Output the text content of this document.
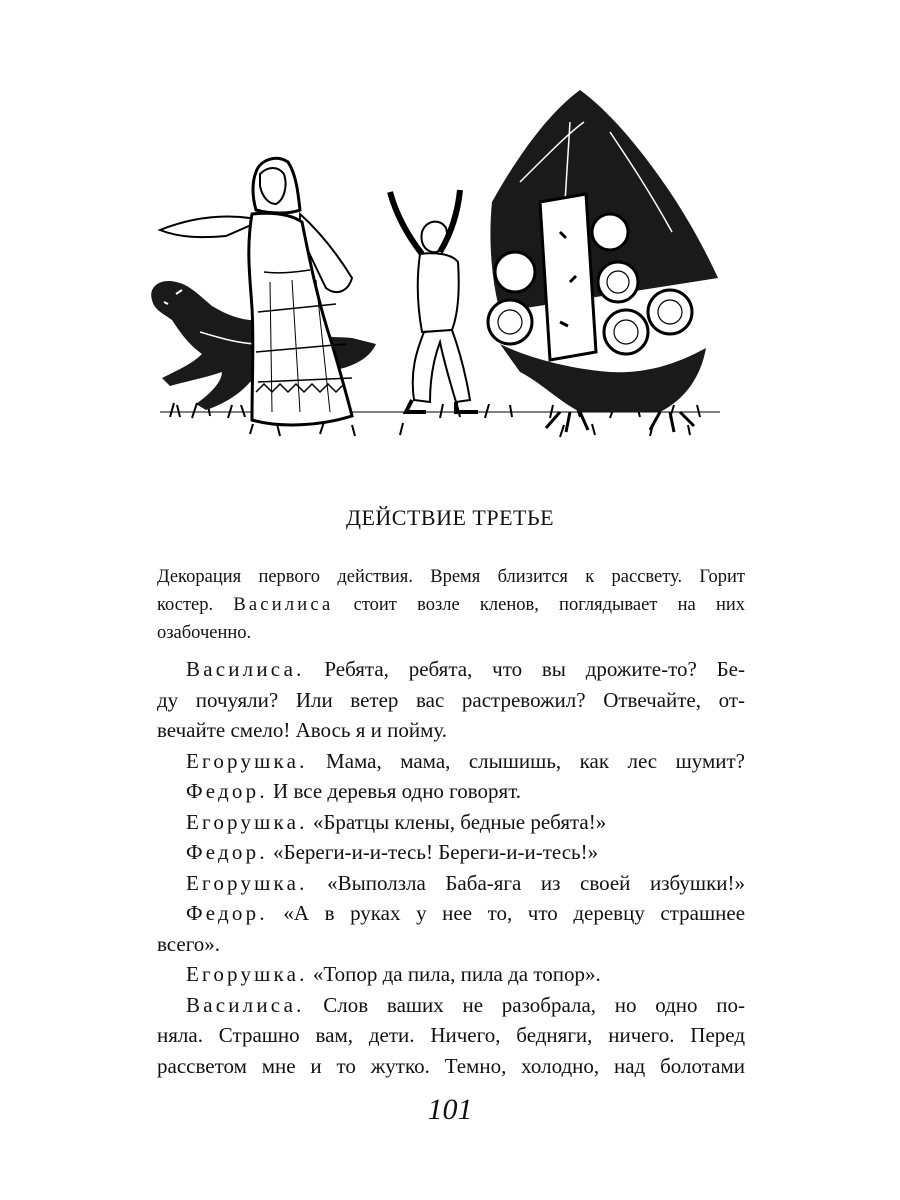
ДЕЙСТВИЕ ТРЕТЬЕ
Декорация первого действия. Время близится к рассвету. Горит
костер. Василиса стоит возле кленов, поглядывает на них
озабоченно.
Василиса. Ребята, ребята, что вы дрожите-то? Бе-
ду почуяли? Или ветер вас растревожил? Отвечайте, от-
вечайте смело! Авось я и пойму.
Егорушка. Мама, мама, слышишь, как лес шумит?
Федор. И все деревья одно говорят.
Егорушка. «Братцы клены, бедные ребята!»
Федор. «Береги-и-и-тесь! Береги-и-и-тесь!»
Егорушка. «Выползла Баба-яга из своей избушки!»
Федор. «А в руках у нее то, что деревцу страшнее
всего».
Егорушка. «Топор да пила, пила да топор».
Василиса. Слов ваших не разобрала, но одно по-
няла. Страшно вам, дети. Ничего, бедняги, ничего. Перед
рассветом мне и то жутко. Темно, холодно, над болотами
101
